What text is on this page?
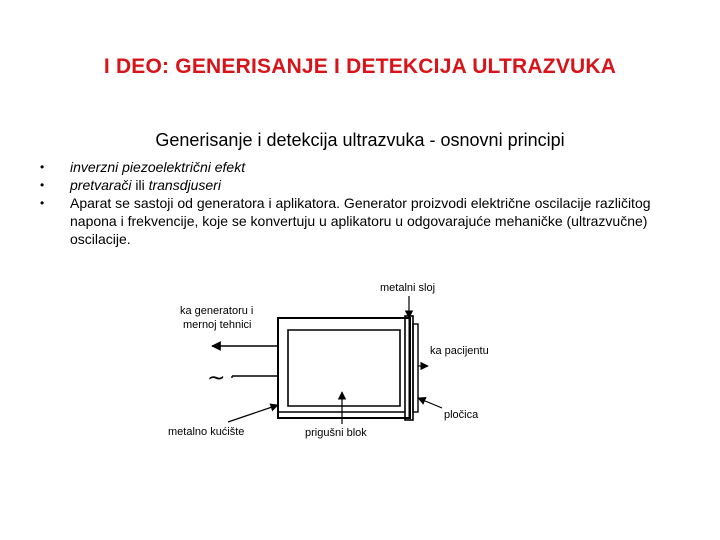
I DEO: GENERISANJE I DETEKCIJA ULTRAZVUKA
Generisanje i detekcija ultrazvuka - osnovni principi
• inverzni piezoelektrični efekt
• pretvarači ili transdjuseri
• Aparat se sastoji od generatora i aplikatora. Generator proizvodi električne oscilacije različitog napona i frekvencije, koje se konvertuju u aplikatoru u odgovarajuće mehaničke (ultrazvučne) oscilacije.
metalni sloj
ka generatoru i
mernoj tehnici
ka pacijentu
~
pločica
metalno kućište	prigušni blok
